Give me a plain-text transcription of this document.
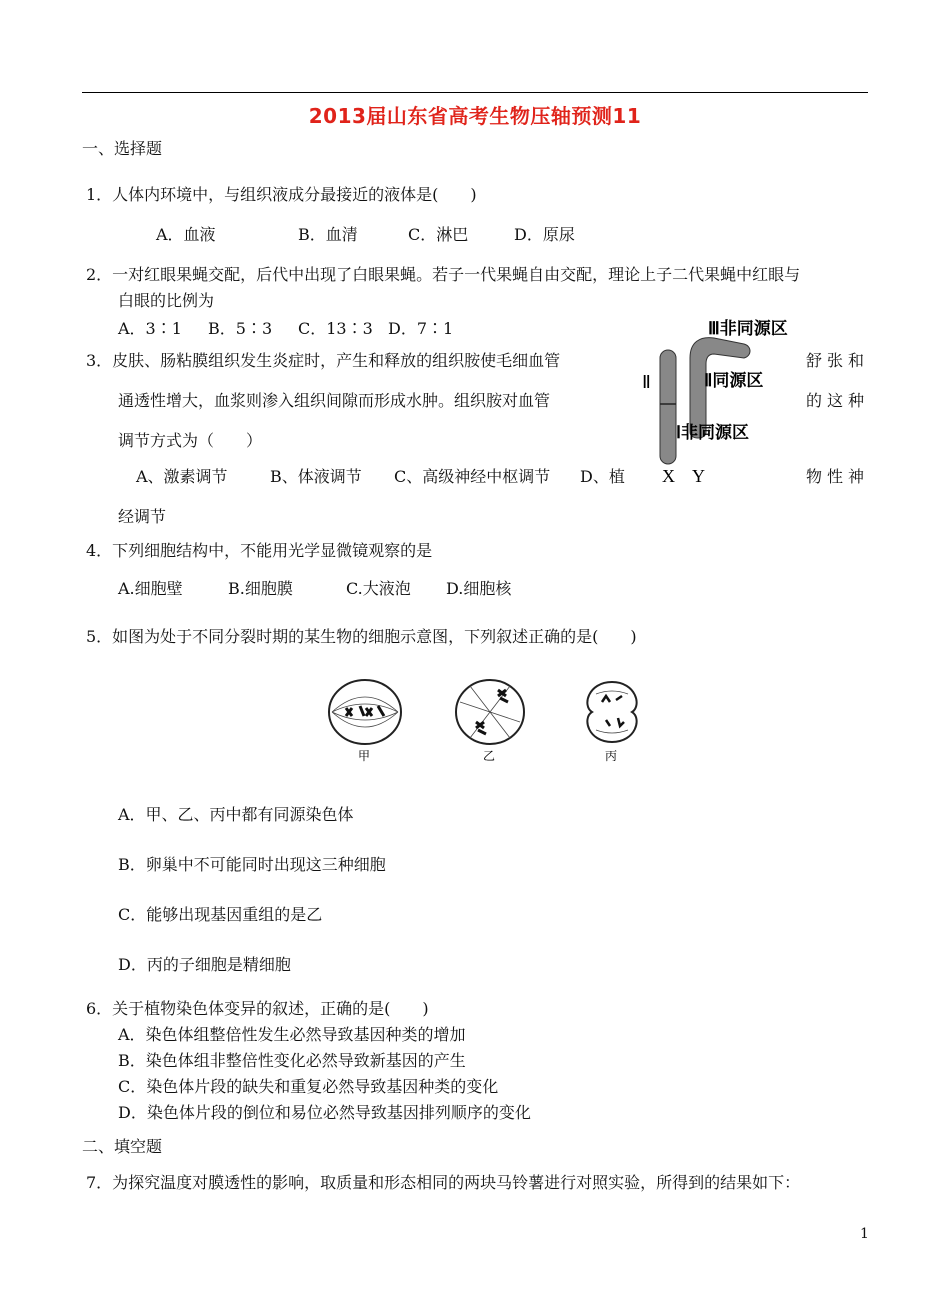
2013届山东省高考生物压轴预测11
一、选择题
1．人体内环境中，与组织液成分最接近的液体是(　　)
A．血液	B．血清	C．淋巴	D．原尿
2．一对红眼果蝇交配，后代中出现了白眼果蝇。若子一代果蝇自由交配，理论上子二代果蝇中红眼与
白眼的比例为
A．3∶1 B．5∶3 C．13∶3 D．7∶1
3．皮肤、肠粘膜组织发生炎症时，产生和释放的组织胺使毛细血管	舒张和
通透性增大，血浆则渗入组织间隙而形成水肿。组织胺对血管	的这种
调节方式为（　　）
A、激素调节	B、体液调节 C、高级神经中枢调节 D、植	物性神
经调节
Ⅲ非同源区
Ⅱ同源区
Ⅰ非同源区
Ⅱ
X Y
4．下列细胞结构中，不能用光学显微镜观察的是
A.细胞壁	B.细胞膜	C.大液泡 D.细胞核
5．如图为处于不同分裂时期的某生物的细胞示意图，下列叙述正确的是(　　)
甲	乙	丙
A．甲、乙、丙中都有同源染色体
B．卵巢中不可能同时出现这三种细胞
C．能够出现基因重组的是乙
D．丙的子细胞是精细胞
6．关于植物染色体变异的叙述，正确的是(　　)
A．染色体组整倍性发生必然导致基因种类的增加
B．染色体组非整倍性变化必然导致新基因的产生
C．染色体片段的缺失和重复必然导致基因种类的变化
D．染色体片段的倒位和易位必然导致基因排列顺序的变化
二、填空题
7．为探究温度对膜透性的影响，取质量和形态相同的两块马铃薯进行对照实验，所得到的结果如下：
1
